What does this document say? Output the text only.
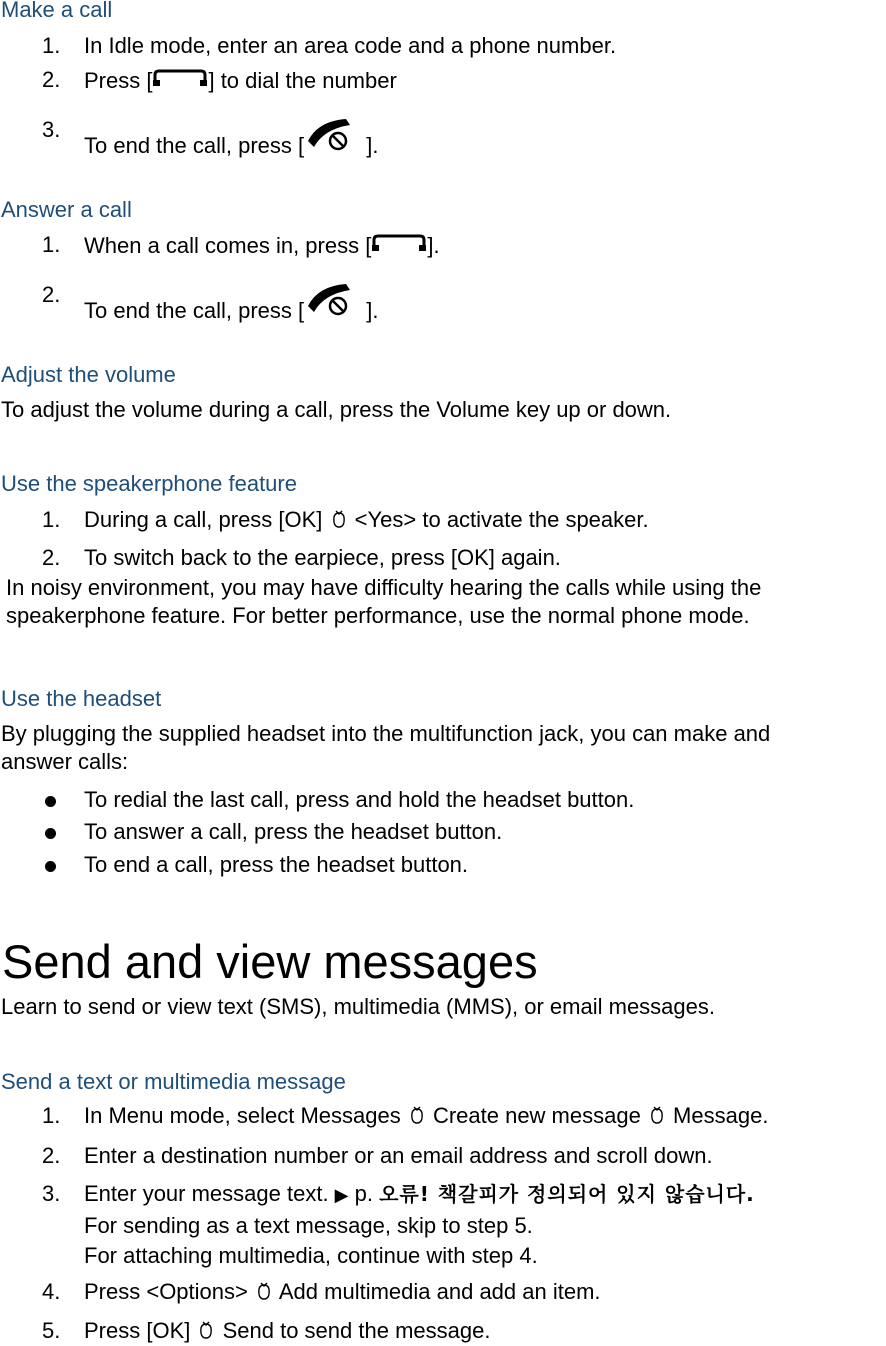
Make a call
1. In Idle mode, enter an area code and a phone number.
2. Press [	] to dial the number
3.
To end the call, press [	].
Answer a call
1. When a call comes in, press [	].
2.
To end the call, press [	].
Adjust the volume
To adjust the volume during a call, press the Volume key up or down.
Use the speakerphone feature
1. During a call, press [OK]  <Yes> to activate the speaker.
2. To switch back to the earpiece, press [OK] again.
In noisy environment, you may have difficulty hearing the calls while using the
speakerphone feature. For better performance, use the normal phone mode.
Use the headset
By plugging the supplied headset into the multifunction jack, you can make and
answer calls:
To redial the last call, press and hold the headset button.
To answer a call, press the headset button.
To end a call, press the headset button.
Send and view messages
Learn to send or view text (SMS), multimedia (MMS), or email messages.
Send a text or multimedia message
1. In Menu mode, select Messages  Create new message  Message.
2. Enter a destination number or an email address and scroll down.
3. Enter your message text. ▶ p. 오류! 책갈피가 정의되어 있지 않습니다.
For sending as a text message, skip to step 5.
For attaching multimedia, continue with step 4.
4. Press <Options>  Add multimedia and add an item.
5. Press [OK]  Send to send the message.
